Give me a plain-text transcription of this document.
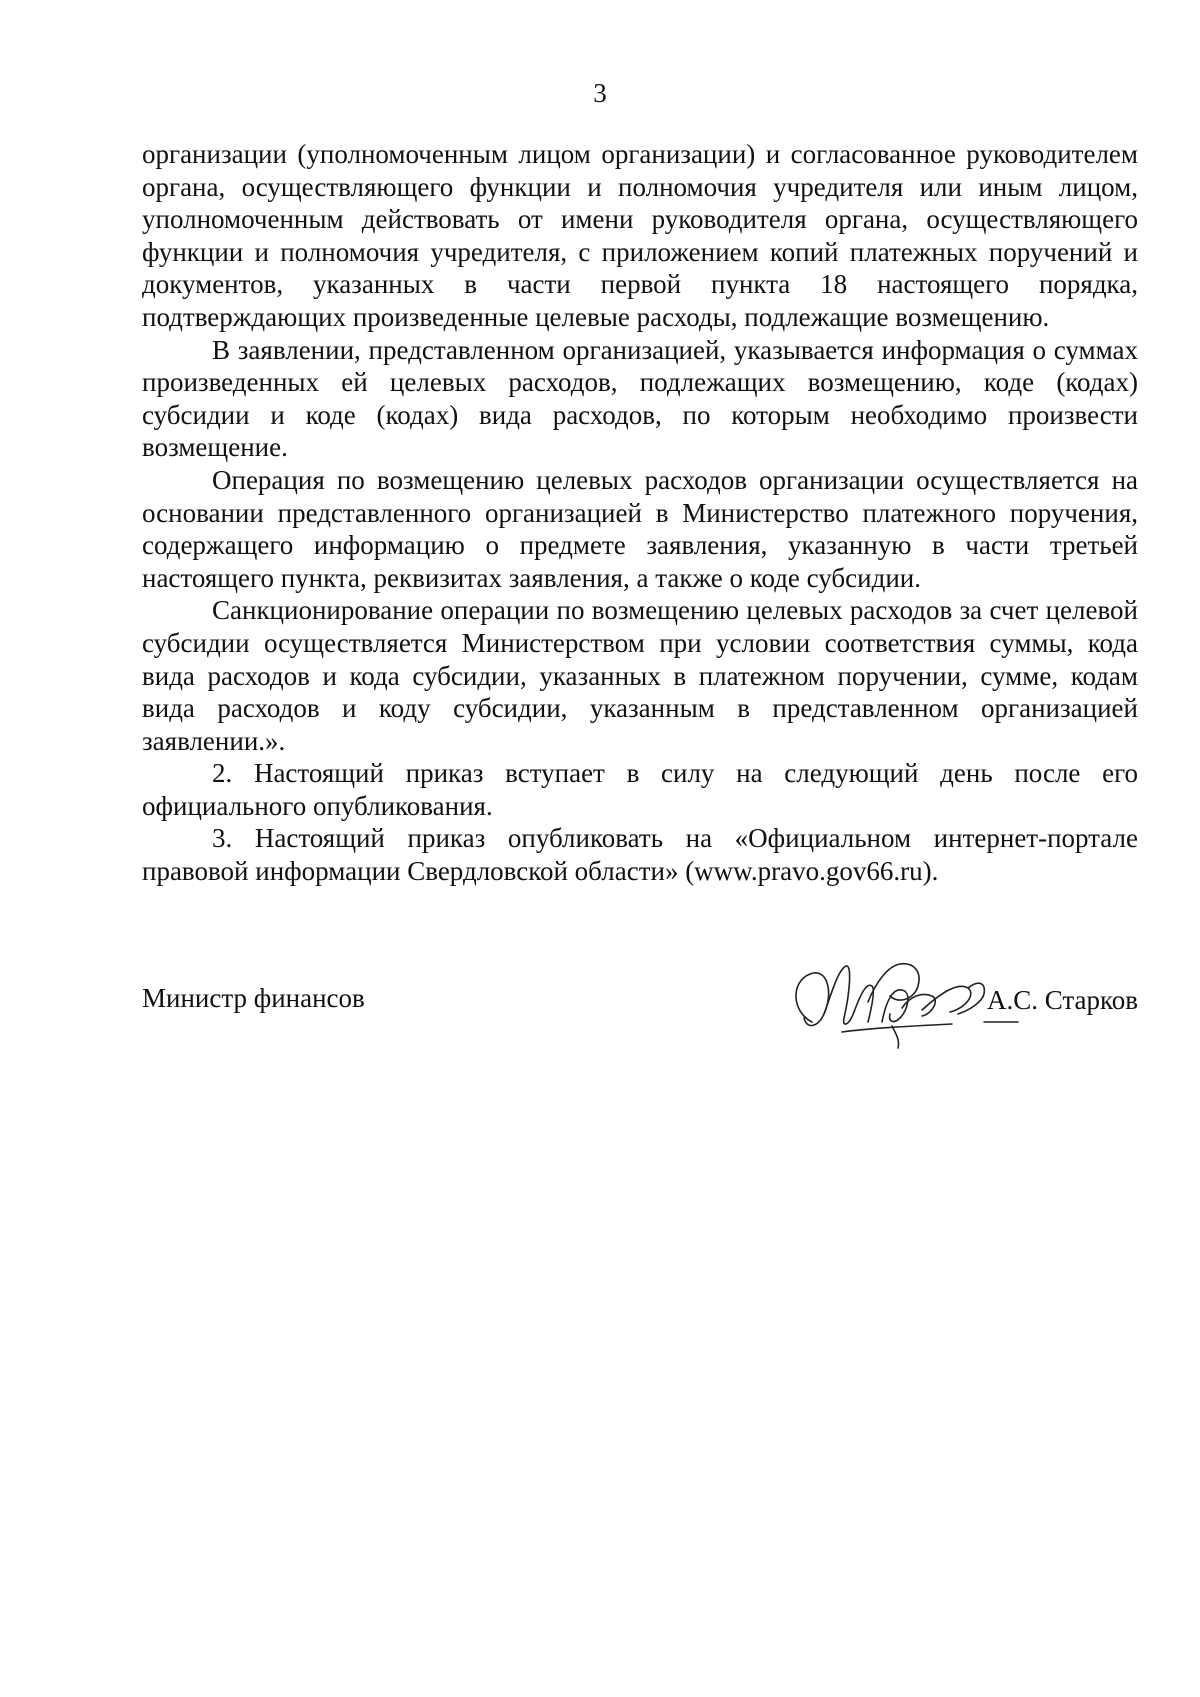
3

организации (уполномоченным лицом организации) и согласованное руководителем органа, осуществляющего функции и полномочия учредителя или иным лицом, уполномоченным действовать от имени руководителя органа, осуществляющего функции и полномочия учредителя, с приложением копий платежных поручений и документов, указанных в части первой пункта 18 настоящего порядка, подтверждающих произведенные целевые расходы, подлежащие возмещению.

В заявлении, представленном организацией, указывается информация о суммах произведенных ей целевых расходов, подлежащих возмещению, коде (кодах) субсидии и коде (кодах) вида расходов, по которым необходимо произвести возмещение.

Операция по возмещению целевых расходов организации осуществляется на основании представленного организацией в Министерство платежного поручения, содержащего информацию о предмете заявления, указанную в части третьей настоящего пункта, реквизитах заявления, а также о коде субсидии.

Санкционирование операции по возмещению целевых расходов за счет целевой субсидии осуществляется Министерством при условии соответствия суммы, кода вида расходов и кода субсидии, указанных в платежном поручении, сумме, кодам вида расходов и коду субсидии, указанным в представленном организацией заявлении.».

2. Настоящий приказ вступает в силу на следующий день после его официального опубликования.

3. Настоящий приказ опубликовать на «Официальном интернет-портале правовой информации Свердловской области» (www.pravo.gov66.ru).

Министр финансов	А.С. Старков
